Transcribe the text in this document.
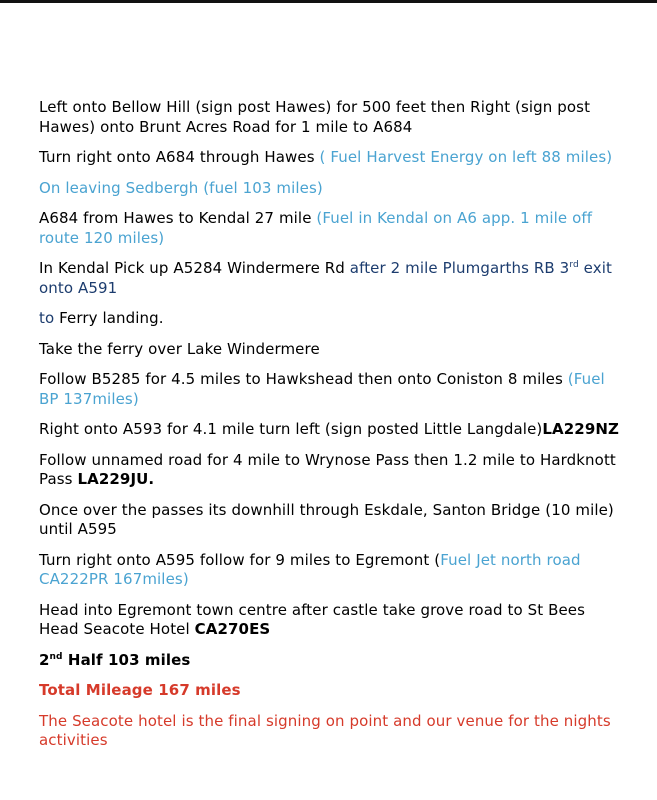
Left onto Bellow Hill (sign post Hawes) for 500 feet then Right (sign post Hawes) onto Brunt Acres Road for 1 mile to A684

Turn right onto A684 through Hawes ( Fuel Harvest Energy on left 88 miles)

On leaving Sedbergh (fuel 103 miles)

A684 from Hawes to Kendal 27 mile (Fuel in Kendal on A6 app. 1 mile off route 120 miles)

In Kendal Pick up A5284 Windermere Rd after 2 mile Plumgarths RB 3rd exit onto A591

to Ferry landing.

Take the ferry over Lake Windermere

Follow B5285 for 4.5 miles to Hawkshead then onto Coniston 8 miles (Fuel BP 137miles)

Right onto A593 for 4.1 mile turn left (sign posted Little Langdale)LA229NZ

Follow unnamed road for 4 mile to Wrynose Pass then 1.2 mile to Hardknott Pass LA229JU.

Once over the passes its downhill through Eskdale, Santon Bridge (10 mile) until A595

Turn right onto A595 follow for 9 miles to Egremont (Fuel Jet north road CA222PR 167miles)

Head into Egremont town centre after castle take grove road to St Bees Head Seacote Hotel CA270ES

2nd Half 103 miles

Total Mileage 167 miles

The Seacote hotel is the final signing on point and our venue for the nights activities
